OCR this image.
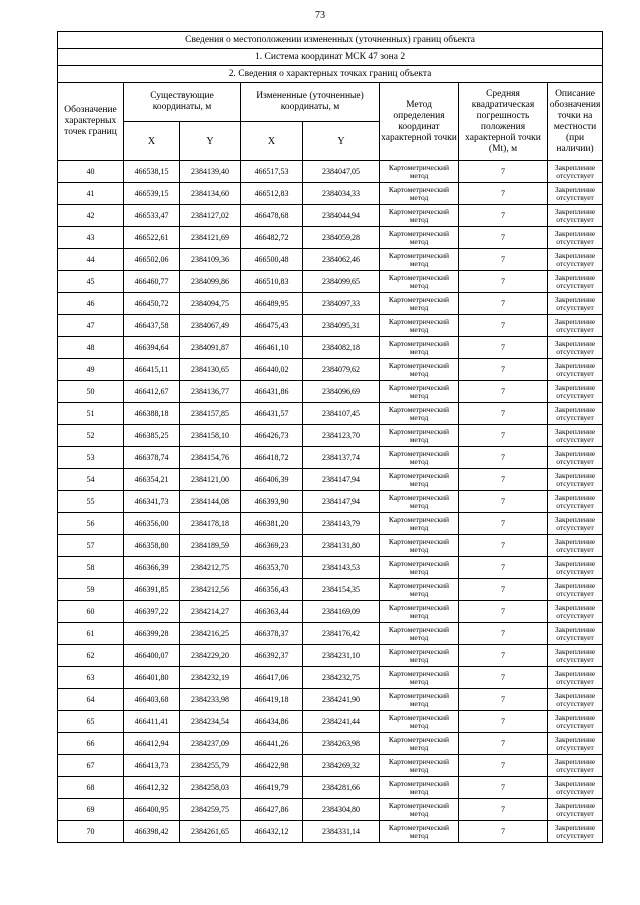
73
Сведения о местоположении измененных (уточненных) границ объекта							
1. Система координат МСК 47 зона 2							
2. Сведения о характерных точках границ объекта							
Обозначение характерных точек границ	Существующие координаты, м		Измененные (уточненные) координаты, м		Метод определения координат характерной точки	Средняя квадратическая погрешность положения характерной точки (Mt), м	Описание обозначения точки на местности (при наличии)
	X	Y	X	Y			
40	466538,15	2384139,40	466517,53	2384047,05	Картометрический метод	7	Закрепление отсутствует
41	466539,15	2384134,60	466512,83	2384034,33	Картометрический метод	7	Закрепление отсутствует
42	466533,47	2384127,02	466478,68	2384044,94	Картометрический метод	7	Закрепление отсутствует
43	466522,61	2384121,69	466482,72	2384059,28	Картометрический метод	7	Закрепление отсутствует
44	466502,06	2384109,36	466500,48	2384062,46	Картометрический метод	7	Закрепление отсутствует
45	466460,77	2384099,86	466510,83	2384099,65	Картометрический метод	7	Закрепление отсутствует
46	466450,72	2384094,75	466489,95	2384097,33	Картометрический метод	7	Закрепление отсутствует
47	466437,58	2384067,49	466475,43	2384095,31	Картометрический метод	7	Закрепление отсутствует
48	466394,64	2384091,87	466461,10	2384082,18	Картометрический метод	7	Закрепление отсутствует
49	466415,11	2384130,65	466440,02	2384079,62	Картометрический метод	7	Закрепление отсутствует
50	466412,67	2384136,77	466431,86	2384096,69	Картометрический метод	7	Закрепление отсутствует
51	466388,18	2384157,85	466431,57	2384107,45	Картометрический метод	7	Закрепление отсутствует
52	466385,25	2384158,10	466426,73	2384123,70	Картометрический метод	7	Закрепление отсутствует
53	466378,74	2384154,76	466418,72	2384137,74	Картометрический метод	7	Закрепление отсутствует
54	466354,21	2384121,00	466406,39	2384147,94	Картометрический метод	7	Закрепление отсутствует
55	466341,73	2384144,08	466393,90	2384147,94	Картометрический метод	7	Закрепление отсутствует
56	466356,00	2384178,18	466381,20	2384143,79	Картометрический метод	7	Закрепление отсутствует
57	466358,80	2384189,59	466369,23	2384131,80	Картометрический метод	7	Закрепление отсутствует
58	466366,39	2384212,75	466353,70	2384143,53	Картометрический метод	7	Закрепление отсутствует
59	466391,85	2384212,56	466356,43	2384154,35	Картометрический метод	7	Закрепление отсутствует
60	466397,22	2384214,27	466363,44	2384169,09	Картометрический метод	7	Закрепление отсутствует
61	466399,28	2384216,25	466378,37	2384176,42	Картометрический метод	7	Закрепление отсутствует
62	466400,07	2384229,20	466392,37	2384231,10	Картометрический метод	7	Закрепление отсутствует
63	466401,80	2384232,19	466417,06	2384232,75	Картометрический метод	7	Закрепление отсутствует
64	466403,68	2384233,98	466419,18	2384241,90	Картометрический метод	7	Закрепление отсутствует
65	466411,41	2384234,54	466434,86	2384241,44	Картометрический метод	7	Закрепление отсутствует
66	466412,94	2384237,09	466441,26	2384263,98	Картометрический метод	7	Закрепление отсутствует
67	466413,73	2384255,79	466422,98	2384269,32	Картометрический метод	7	Закрепление отсутствует
68	466412,32	2384258,03	466419,79	2384281,66	Картометрический метод	7	Закрепление отсутствует
69	466400,95	2384259,75	466427,86	2384304,80	Картометрический метод	7	Закрепление отсутствует
70	466398,42	2384261,65	466432,12	2384331,14	Картометрический метод	7	Закрепление отсутствует
